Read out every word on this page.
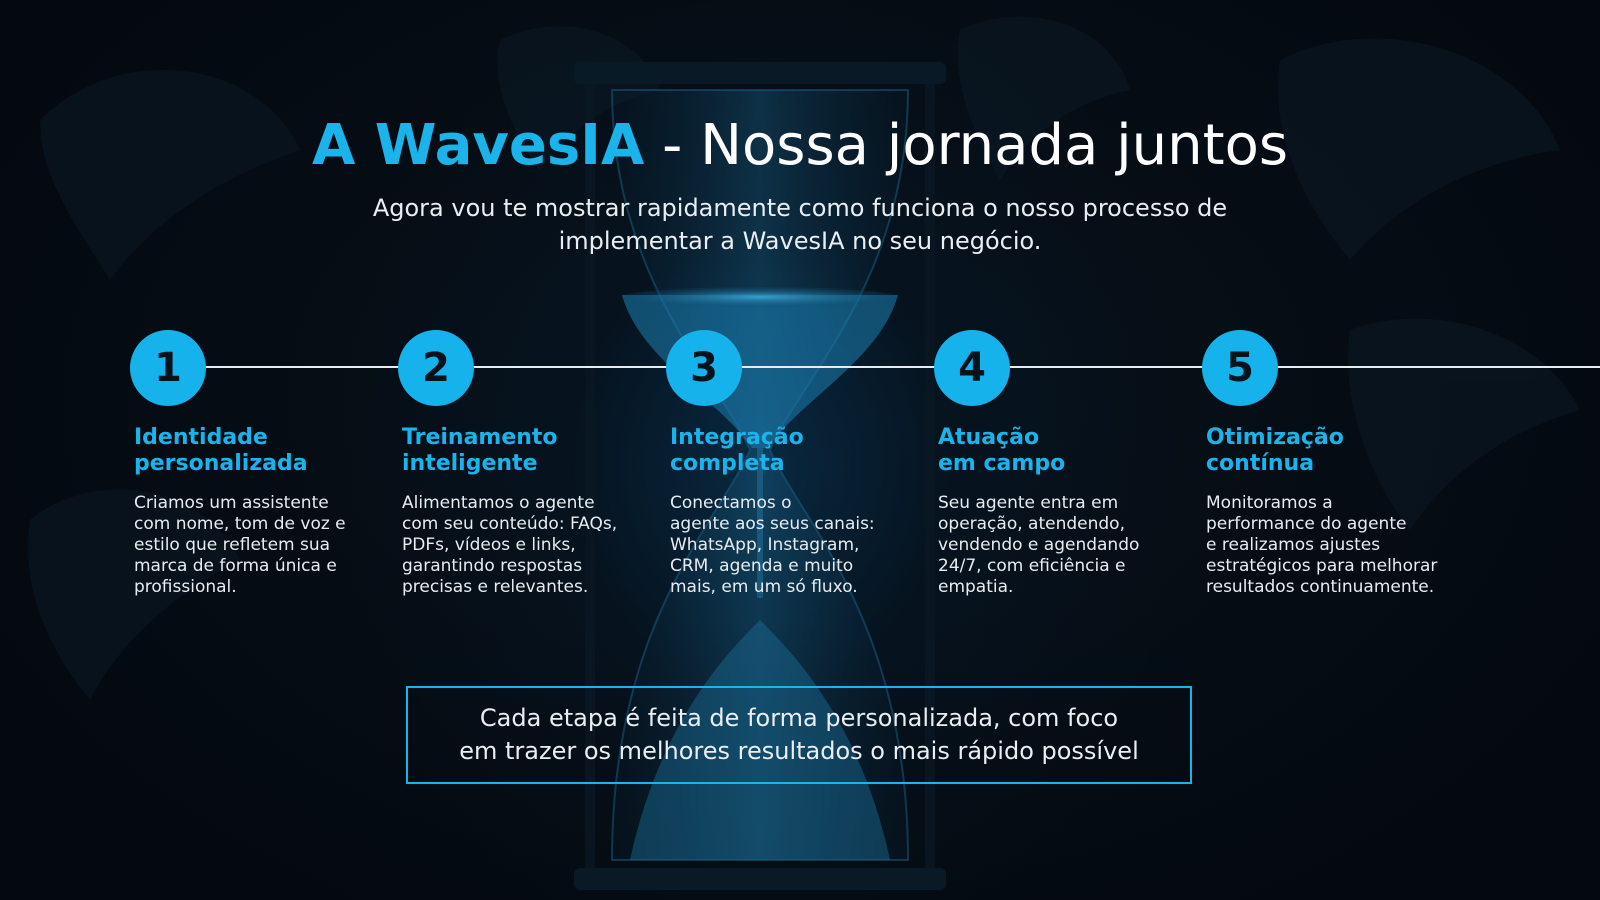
A WavesIA - Nossa jornada juntos

Agora vou te mostrar rapidamente como funciona o nosso processo de implementar a WavesIA no seu negócio.

1
Identidade
personalizada
Criamos um assistente
com nome, tom de voz e
estilo que refletem sua
marca de forma única e
profissional.
2
Treinamento
inteligente
Alimentamos o agente
com seu conteúdo: FAQs,
PDFs, vídeos e links,
garantindo respostas
precisas e relevantes.
3
Integração
completa
Conectamos o
agente aos seus canais:
WhatsApp, Instagram,
CRM, agenda e muito
mais, em um só fluxo.
4
Atuação
em campo
Seu agente entra em
operação, atendendo,
vendendo e agendando
24/7, com eficiência e
empatia.
5
Otimização
contínua
Monitoramos a
performance do agente
e realizamos ajustes
estratégicos para melhorar
resultados continuamente.
Cada etapa é feita de forma personalizada, com foco
em trazer os melhores resultados o mais rápido possível
